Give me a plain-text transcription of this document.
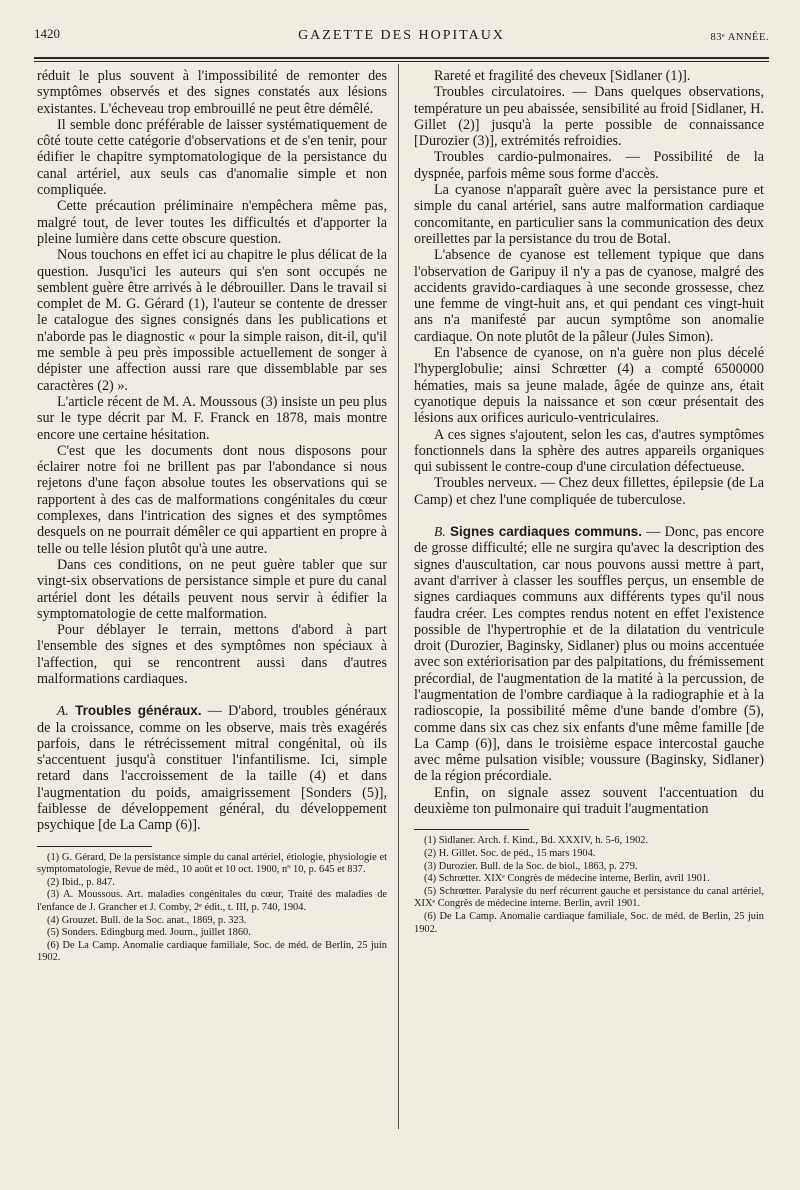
1420	GAZETTE DES HOPITAUX	83ᵉ ANNÉE.

réduit le plus souvent à l'impossibilité de remonter des symptômes observés et des signes constatés aux lésions existantes. L'écheveau trop embrouillé ne peut être démêlé.

Il semble donc préférable de laisser systématiquement de côté toute cette catégorie d'observations et de s'en tenir, pour édifier le chapitre symptomatologique de la persistance du canal artériel, aux seuls cas d'anomalie simple et non compliquée.

Cette précaution préliminaire n'empêchera même pas, malgré tout, de lever toutes les difficultés et d'apporter la pleine lumière dans cette obscure question.

Nous touchons en effet ici au chapitre le plus délicat de la question. Jusqu'ici les auteurs qui s'en sont occupés ne semblent guère être arrivés à le débrouiller. Dans le travail si complet de M. G. Gérard (1), l'auteur se contente de dresser le catalogue des signes consignés dans les publications et n'aborde pas le diagnostic « pour la simple raison, dit-il, qu'il me semble à peu près impossible actuellement de songer à dépister une affection aussi rare que dissemblable par ses caractères (2) ».

L'article récent de M. A. Moussous (3) insiste un peu plus sur le type décrit par M. F. Franck en 1878, mais montre encore une certaine hésitation.

C'est que les documents dont nous disposons pour éclairer notre foi ne brillent pas par l'abondance si nous rejetons d'une façon absolue toutes les observations qui se rapportent à des cas de malformations congénitales du cœur complexes, dans l'intrication des signes et des symptômes desquels on ne pourrait démêler ce qui appartient en propre à telle ou telle lésion plutôt qu'à une autre.

Dans ces conditions, on ne peut guère tabler que sur vingt-six observations de persistance simple et pure du canal artériel dont les détails peuvent nous servir à édifier la symptomatologie de cette malformation.

Pour déblayer le terrain, mettons d'abord à part l'ensemble des signes et des symptômes non spéciaux à l'affection, qui se rencontrent aussi dans d'autres malformations cardiaques.

A. Troubles généraux. — D'abord, troubles généraux de la croissance, comme on les observe, mais très exagérés parfois, dans le rétrécissement mitral congénital, où ils s'accentuent jusqu'à constituer l'infantilisme. Ici, simple retard dans l'accroissement de la taille (4) et dans l'augmentation du poids, amaigrissement [Sonders (5)], faiblesse de développement général, du développement psychique [de La Camp (6)].

(1) G. Gérard, De la persistance simple du canal artériel, étiologie, physiologie et symptomatologie, Revue de méd., 10 août et 10 oct. 1900, nº 10, p. 645 et 837.

(2) Ibid., p. 847.

(3) A. Moussous. Art. maladies congénitales du cœur, Traité des maladies de l'enfance de J. Grancher et J. Comby, 2ᵉ édit., t. III, p. 740, 1904.

(4) Grouzet. Bull. de la Soc. anat., 1869, p. 323.

(5) Sonders. Edingburg med. Journ., juillet 1860.

(6) De La Camp. Anomalie cardiaque familiale, Soc. de méd. de Berlin, 25 juin 1902.

Rareté et fragilité des cheveux [Sidlaner (1)].

Troubles circulatoires. — Dans quelques observations, température un peu abaissée, sensibilité au froid [Sidlaner, H. Gillet (2)] jusqu'à la perte possible de connaissance [Durozier (3)], extrémités refroidies.

Troubles cardio-pulmonaires. — Possibilité de la dyspnée, parfois même sous forme d'accès.

La cyanose n'apparaît guère avec la persistance pure et simple du canal artériel, sans autre malformation cardiaque concomitante, en particulier sans la communication des deux oreillettes par la persistance du trou de Botal.

L'absence de cyanose est tellement typique que dans l'observation de Garipuy il n'y a pas de cyanose, malgré des accidents gravido-cardiaques à une seconde grossesse, chez une femme de vingt-huit ans, et qui pendant ces vingt-huit ans n'a manifesté par aucun symptôme son anomalie cardiaque. On note plutôt de la pâleur (Jules Simon).

En l'absence de cyanose, on n'a guère non plus décelé l'hyperglobulie; ainsi Schrœtter (4) a compté 6500000 hématies, mais sa jeune malade, âgée de quinze ans, était cyanotique depuis la naissance et son cœur présentait des lésions aux orifices auriculo-ventriculaires.

A ces signes s'ajoutent, selon les cas, d'autres symptômes fonctionnels dans la sphère des autres appareils organiques qui subissent le contre-coup d'une circulation défectueuse.

Troubles nerveux. — Chez deux fillettes, épilepsie (de La Camp) et chez l'une compliquée de tuberculose.

B. Signes cardiaques communs. — Donc, pas encore de grosse difficulté; elle ne surgira qu'avec la description des signes d'auscultation, car nous pouvons aussi mettre à part, avant d'arriver à classer les souffles perçus, un ensemble de signes cardiaques communs aux différents types qu'il nous faudra créer. Les comptes rendus notent en effet l'existence possible de l'hypertrophie et de la dilatation du ventricule droit (Durozier, Baginsky, Sidlaner) plus ou moins accentuée avec son extériorisation par des palpitations, du frémissement précordial, de l'augmentation de la matité à la percussion, de l'augmentation de l'ombre cardiaque à la radiographie et à la radioscopie, la possibilité même d'une bande d'ombre (5), comme dans six cas chez six enfants d'une même famille [de La Camp (6)], dans le troisième espace intercostal gauche avec même pulsation visible; voussure (Baginsky, Sidlaner) de la région précordiale.

Enfin, on signale assez souvent l'accentuation du deuxième ton pulmonaire qui traduit l'augmentation

(1) Sidlaner. Arch. f. Kind., Bd. XXXIV, h. 5-6, 1902.

(2) H. Gillet. Soc. de péd., 15 mars 1904.

(3) Durozier. Bull. de la Soc. de biol., 1863, p. 279.

(4) Schrœtter. XIXᵉ Congrès de médecine interne, Berlin, avril 1901.

(5) Schrœtter. Paralysie du nerf récurrent gauche et persistance du canal artériel, XIXᵉ Congrès de médecine interne. Berlin, avril 1901.

(6) De La Camp. Anomalie cardiaque familiale, Soc. de méd. de Berlin, 25 juin 1902.
